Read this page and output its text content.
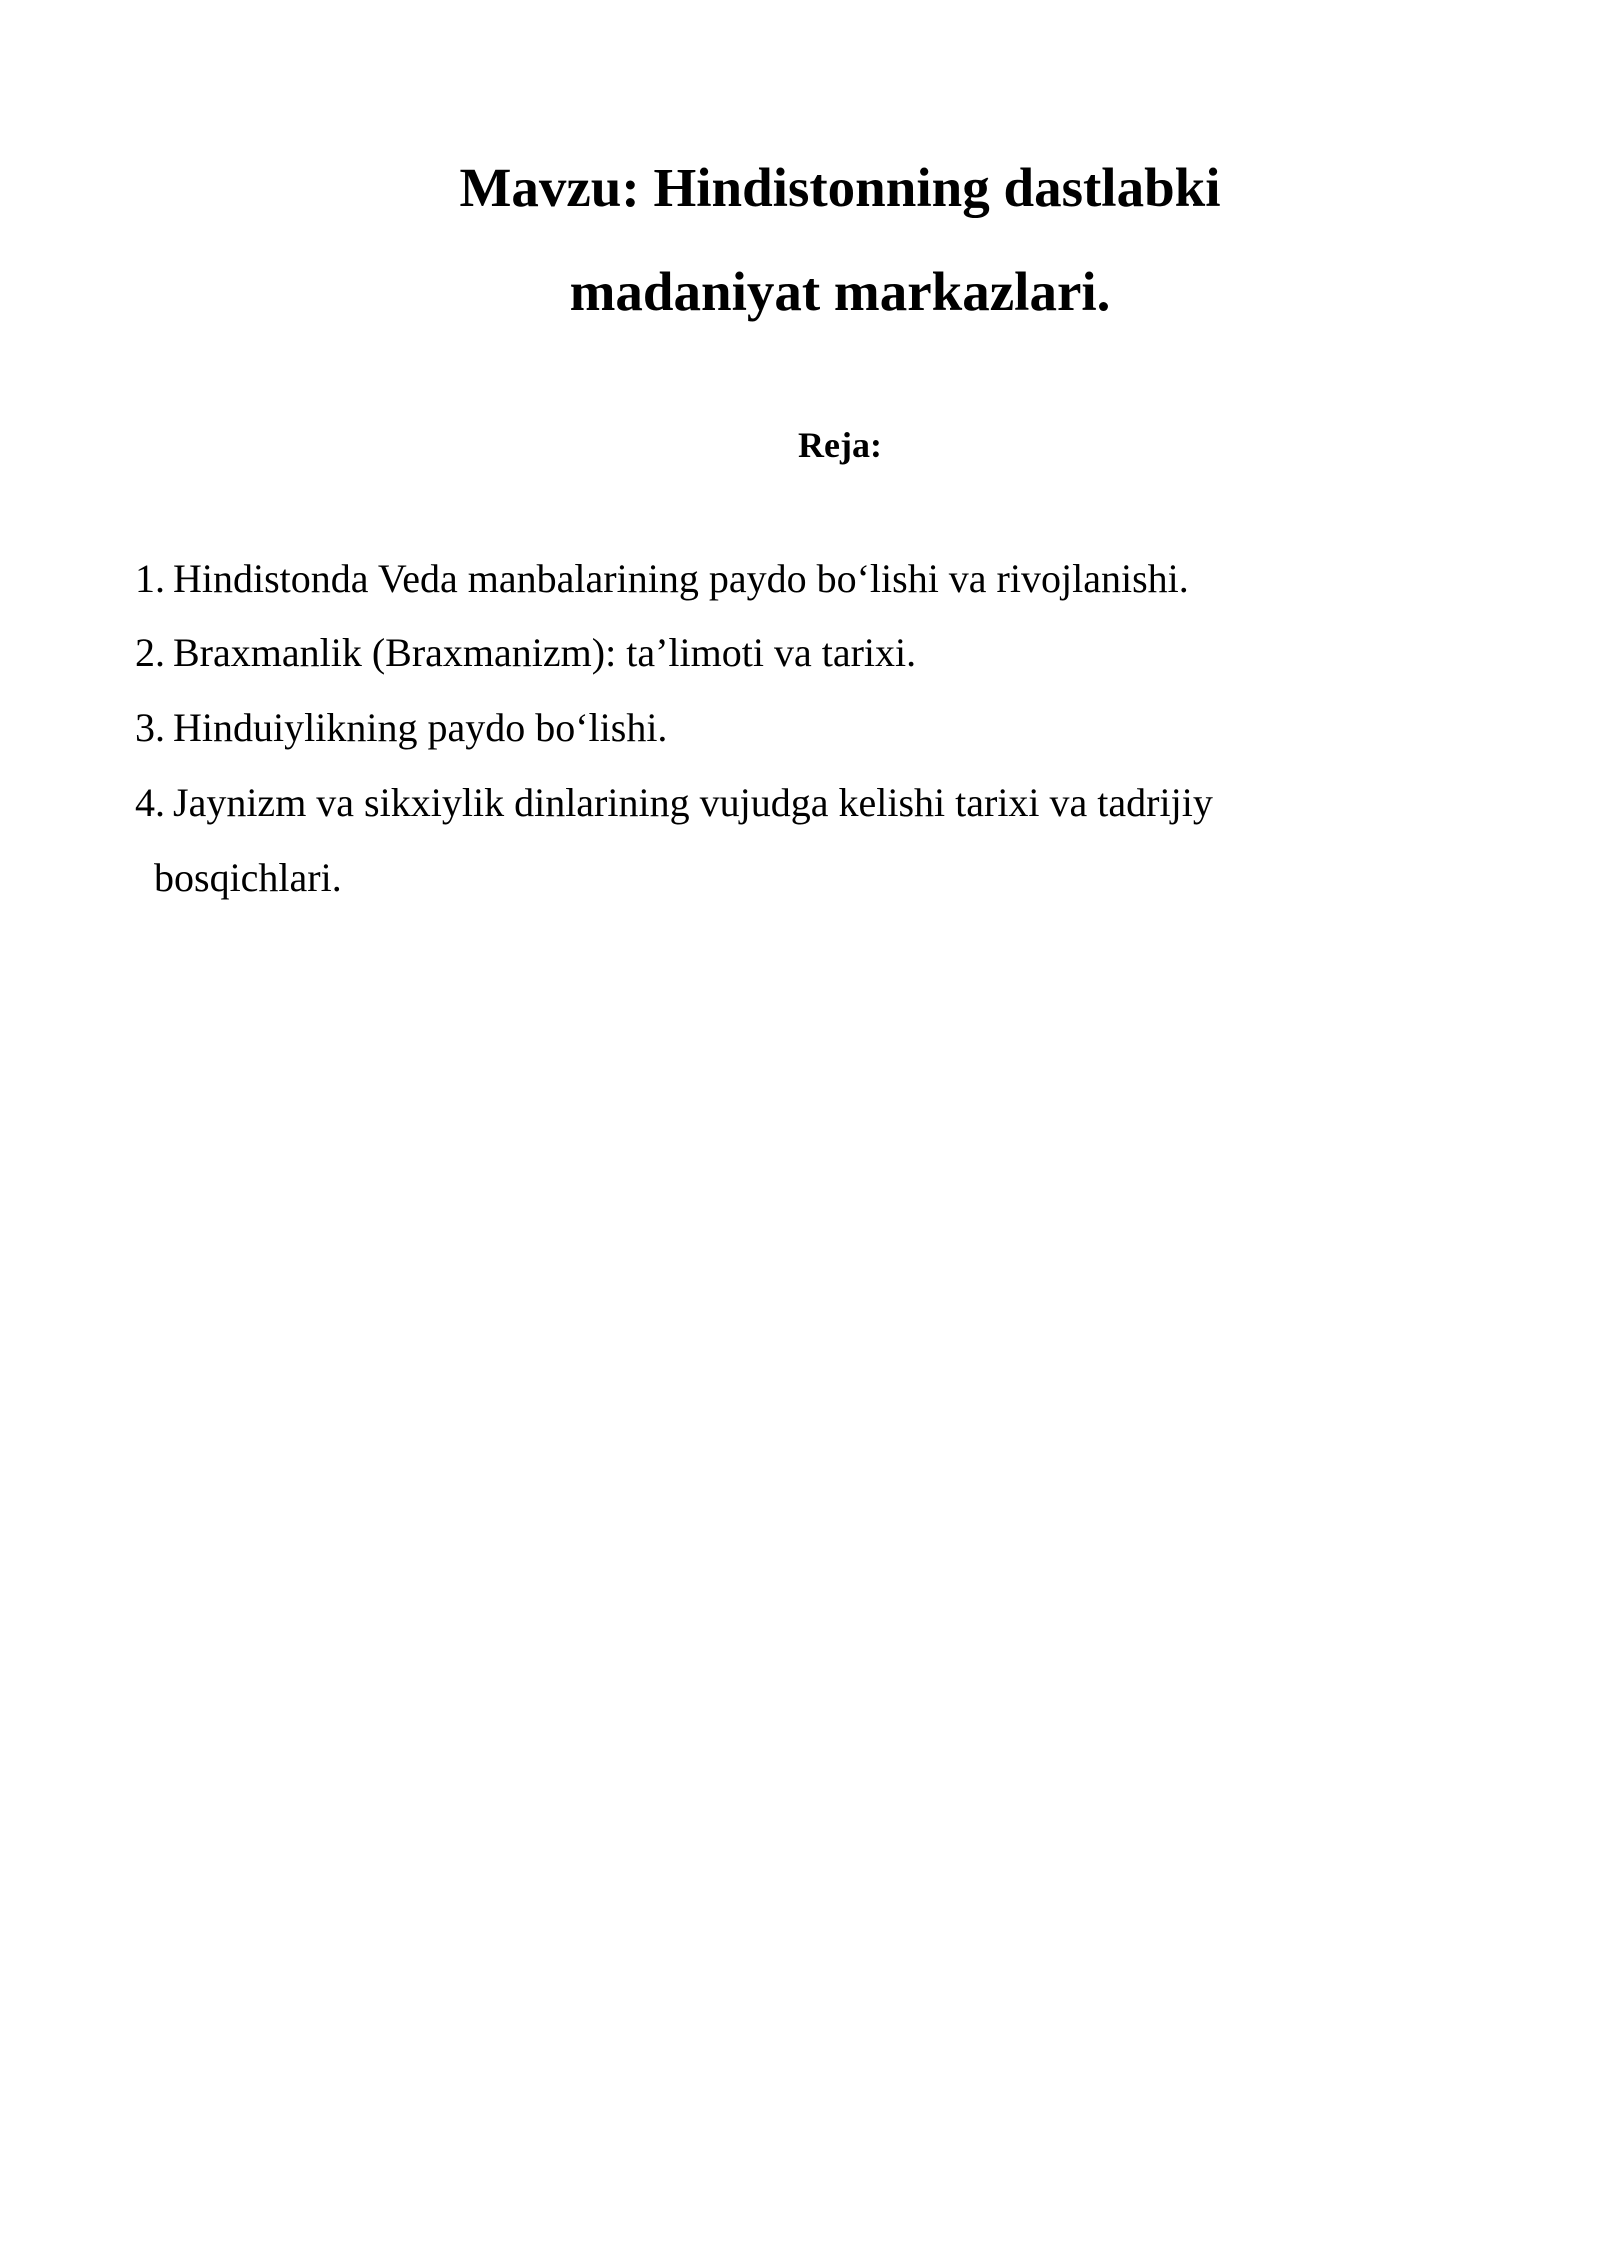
Mavzu: Hindistonning dastlabki
madaniyat markazlari.
Reja:
1. Hindistonda Veda manbalarining paydo bo‘lishi va rivojlanishi.
2. Braxmanlik (Braxmanizm): ta’limoti va tarixi.
3. Hinduiylikning paydo bo‘lishi.
4. Jaynizm va sikxiylik dinlarining vujudga kelishi tarixi va tadrijiy
bosqichlari.
